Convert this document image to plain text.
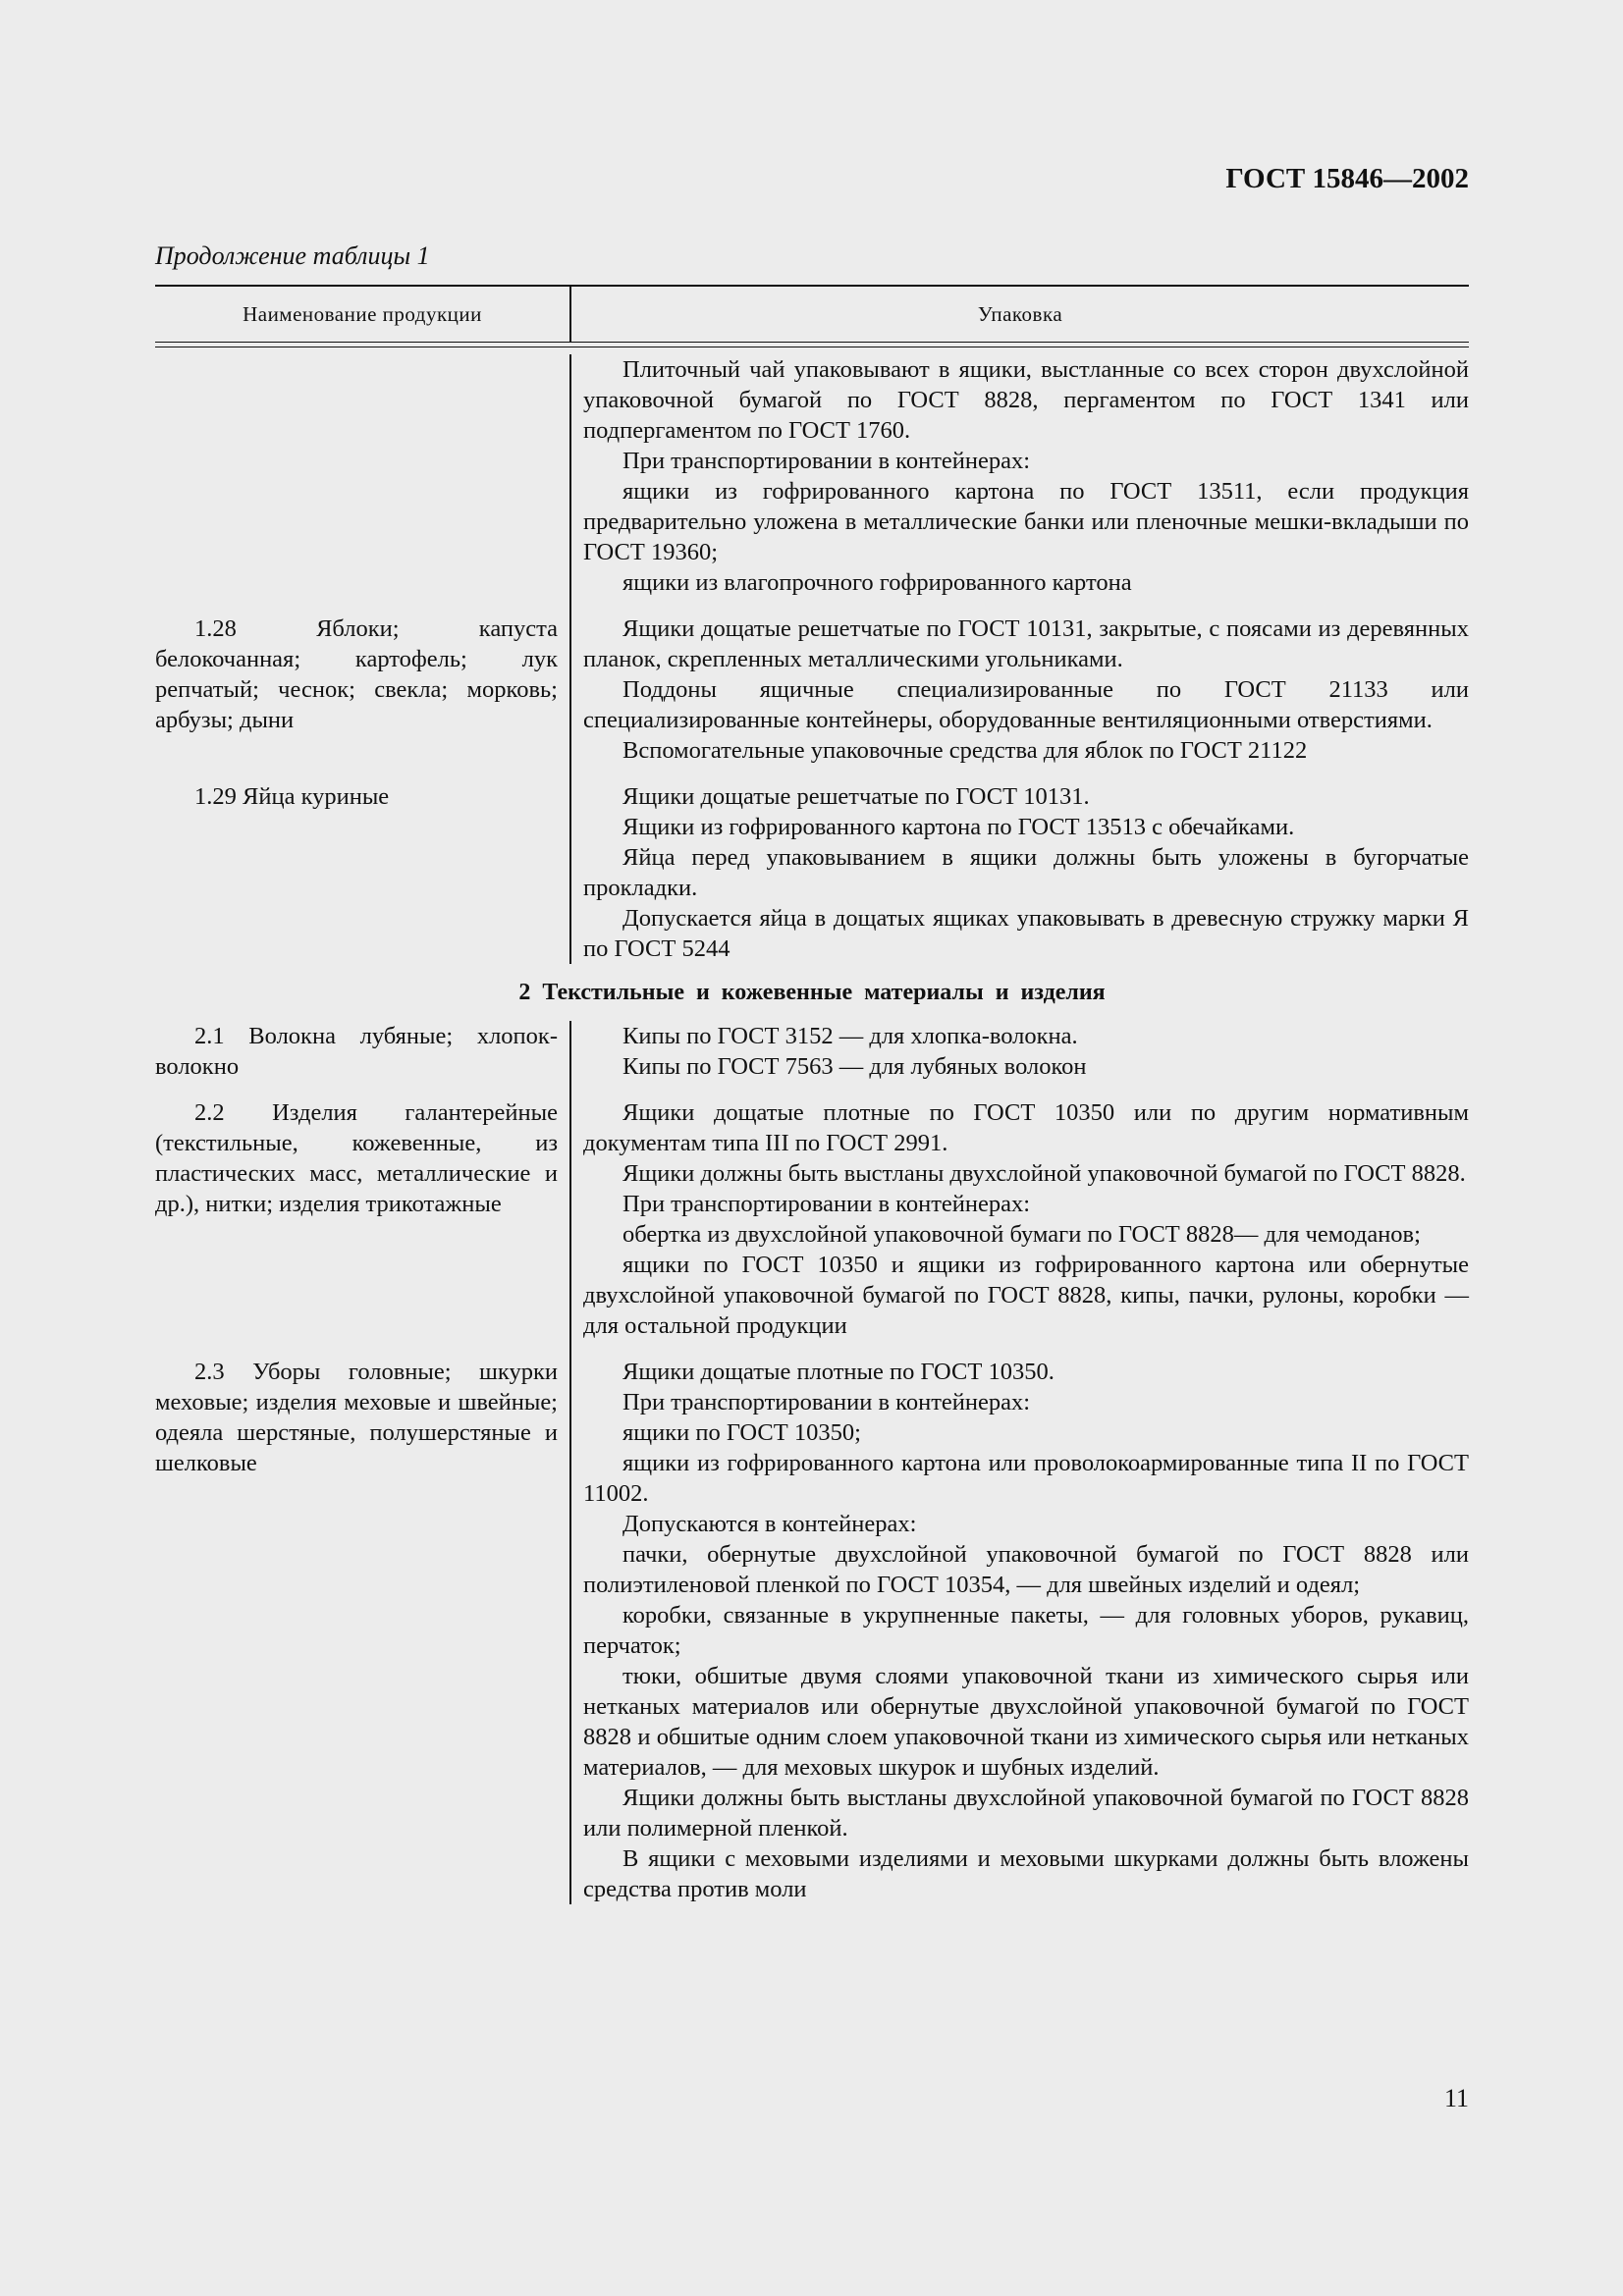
ГОСТ 15846—2002
Продолжение таблицы 1
Наименование продукции	Упаковка

Плиточный чай упаковывают в ящики, выстланные со всех сторон двухслойной упаковочной бумагой по ГОСТ 8828, пергаментом по ГОСТ 1341 или подпергаментом по ГОСТ 1760.

При транспортировании в контейнерах:

ящики из гофрированного картона по ГОСТ 13511, если продукция предварительно уложена в металлические банки или пленочные мешки-вкладыши по ГОСТ 19360;

ящики из влагопрочного гофрированного картона

1.28 Яблоки; капуста белокочанная; картофель; лук репчатый; чеснок; свекла; морковь; арбузы; дыни

Ящики дощатые решетчатые по ГОСТ 10131, закрытые, с поясами из деревянных планок, скрепленных металлическими угольниками.

Поддоны ящичные специализированные по ГОСТ 21133 или специализированные контейнеры, оборудованные вентиляционными отверстиями.

Вспомогательные упаковочные средства для яблок по ГОСТ 21122

1.29 Яйца куриные	Ящики дощатые решетчатые по ГОСТ 10131.

Ящики из гофрированного картона по ГОСТ 13513 с обечайками.

Яйца перед упаковыванием в ящики должны быть уложены в бугорчатые прокладки.

Допускается яйца в дощатых ящиках упаковывать в древесную стружку марки Я по ГОСТ 5244

2 Текстильные и кожевенные материалы и изделия
2.1 Волокна лубяные; хлопок-волокно

Кипы по ГОСТ 3152 — для хлопка-волокна.

Кипы по ГОСТ 7563 — для лубяных волокон

2.2 Изделия галантерейные (текстильные, кожевенные, из пластических масс, металлические и др.), нитки; изделия трикотажные

Ящики дощатые плотные по ГОСТ 10350 или по другим нормативным документам типа III по ГОСТ 2991.

Ящики должны быть выстланы двухслойной упаковочной бумагой по ГОСТ 8828.

При транспортировании в контейнерах:

обертка из двухслойной упаковочной бумаги по ГОСТ 8828— для чемоданов;

ящики по ГОСТ 10350 и ящики из гофрированного картона или обернутые двухслойной упаковочной бумагой по ГОСТ 8828, кипы, пачки, рулоны, коробки — для остальной продукции

2.3 Уборы головные; шкурки меховые; изделия меховые и швейные; одеяла шерстяные, полушерстяные и шелковые

Ящики дощатые плотные по ГОСТ 10350.

При транспортировании в контейнерах:

ящики по ГОСТ 10350;

ящики из гофрированного картона или проволокоармированные типа II по ГОСТ 11002.

Допускаются в контейнерах:

пачки, обернутые двухслойной упаковочной бумагой по ГОСТ 8828 или полиэтиленовой пленкой по ГОСТ 10354, — для швейных изделий и одеял;

коробки, связанные в укрупненные пакеты, — для головных уборов, рукавиц, перчаток;

тюки, обшитые двумя слоями упаковочной ткани из химического сырья или нетканых материалов или обернутые двухслойной упаковочной бумагой по ГОСТ 8828 и обшитые одним слоем упаковочной ткани из химического сырья или нетканых материалов, — для меховых шкурок и шубных изделий.

Ящики должны быть выстланы двухслойной упаковочной бумагой по ГОСТ 8828 или полимерной пленкой.

В ящики с меховыми изделиями и меховыми шкурками должны быть вложены средства против моли

11
